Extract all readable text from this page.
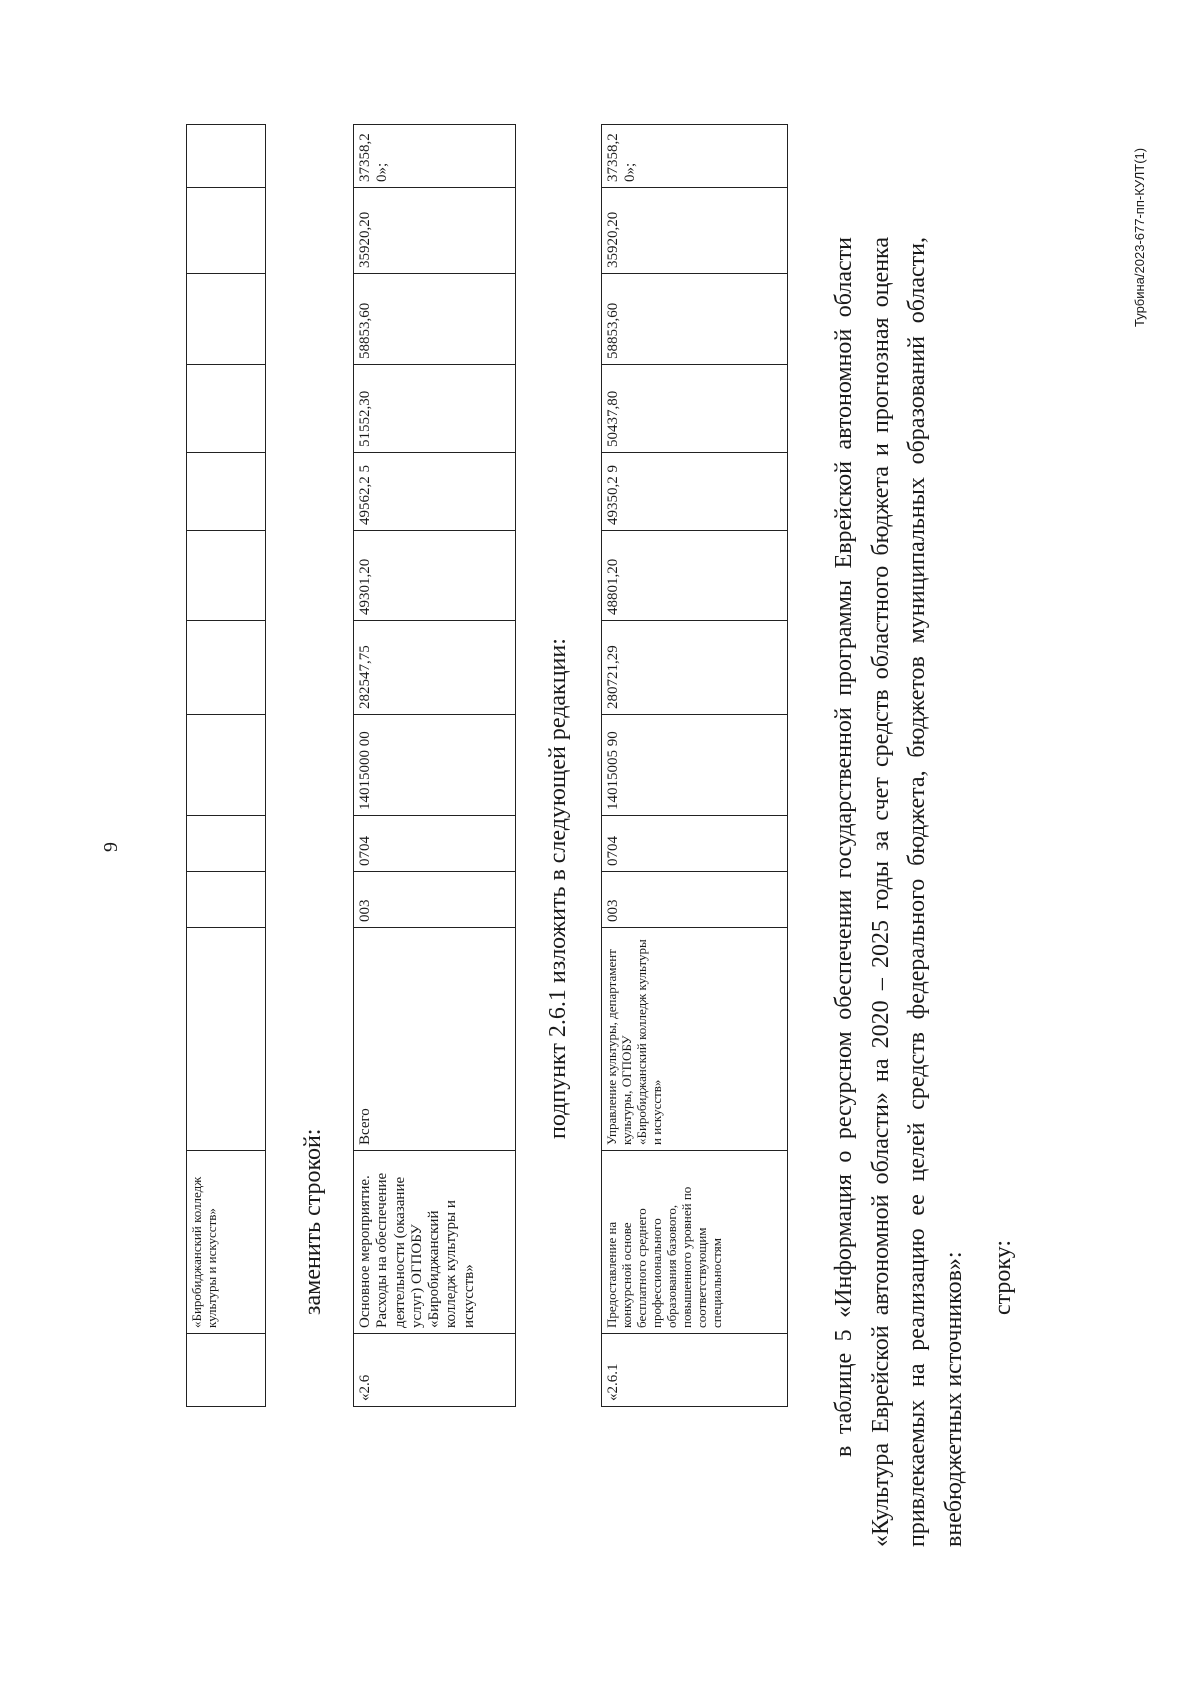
9
	«Биробиджанский колледж культуры и искусств»												заменить строкой:
«2.6	Основное мероприятие. Расходы на обеспечение деятельности (оказание услуг) ОГПОБУ «Биробиджанский колледж культуры и искусств»	Всего	003	0704	14015000 00	282547,75	49301,20	49562,2 5	51552,30	58853,60	35920,20	37358,2 0»;
подпункт 2.6.1 изложить в следующей редакции:
«2.6.1	Предоставление на конкурсной основе бесплатного среднего профессионального образования базового, повышенного уровней по соответствующим специальностям	Управление культуры, департамент культуры, ОГПОБУ «Биробиджанский колледж культуры и искусств»	003	0704	14015005 90	280721,29	48801,20	49350,2 9	50437,80	58853,60	35920,20	37358,2 0»;

в таблице 5 «Информация о ресурсном обеспечении государственной программы Еврейской автономной области «Культура Еврейской автономной области» на 2020 – 2025 годы за счет средств областного бюджета и прогнозная оценка привлекаемых на реализацию ее целей средств федерального бюджета, бюджетов муниципальных образований области, внебюджетных источников»: строку:
Турбина/2023-677-пп-КУЛТ(1)
